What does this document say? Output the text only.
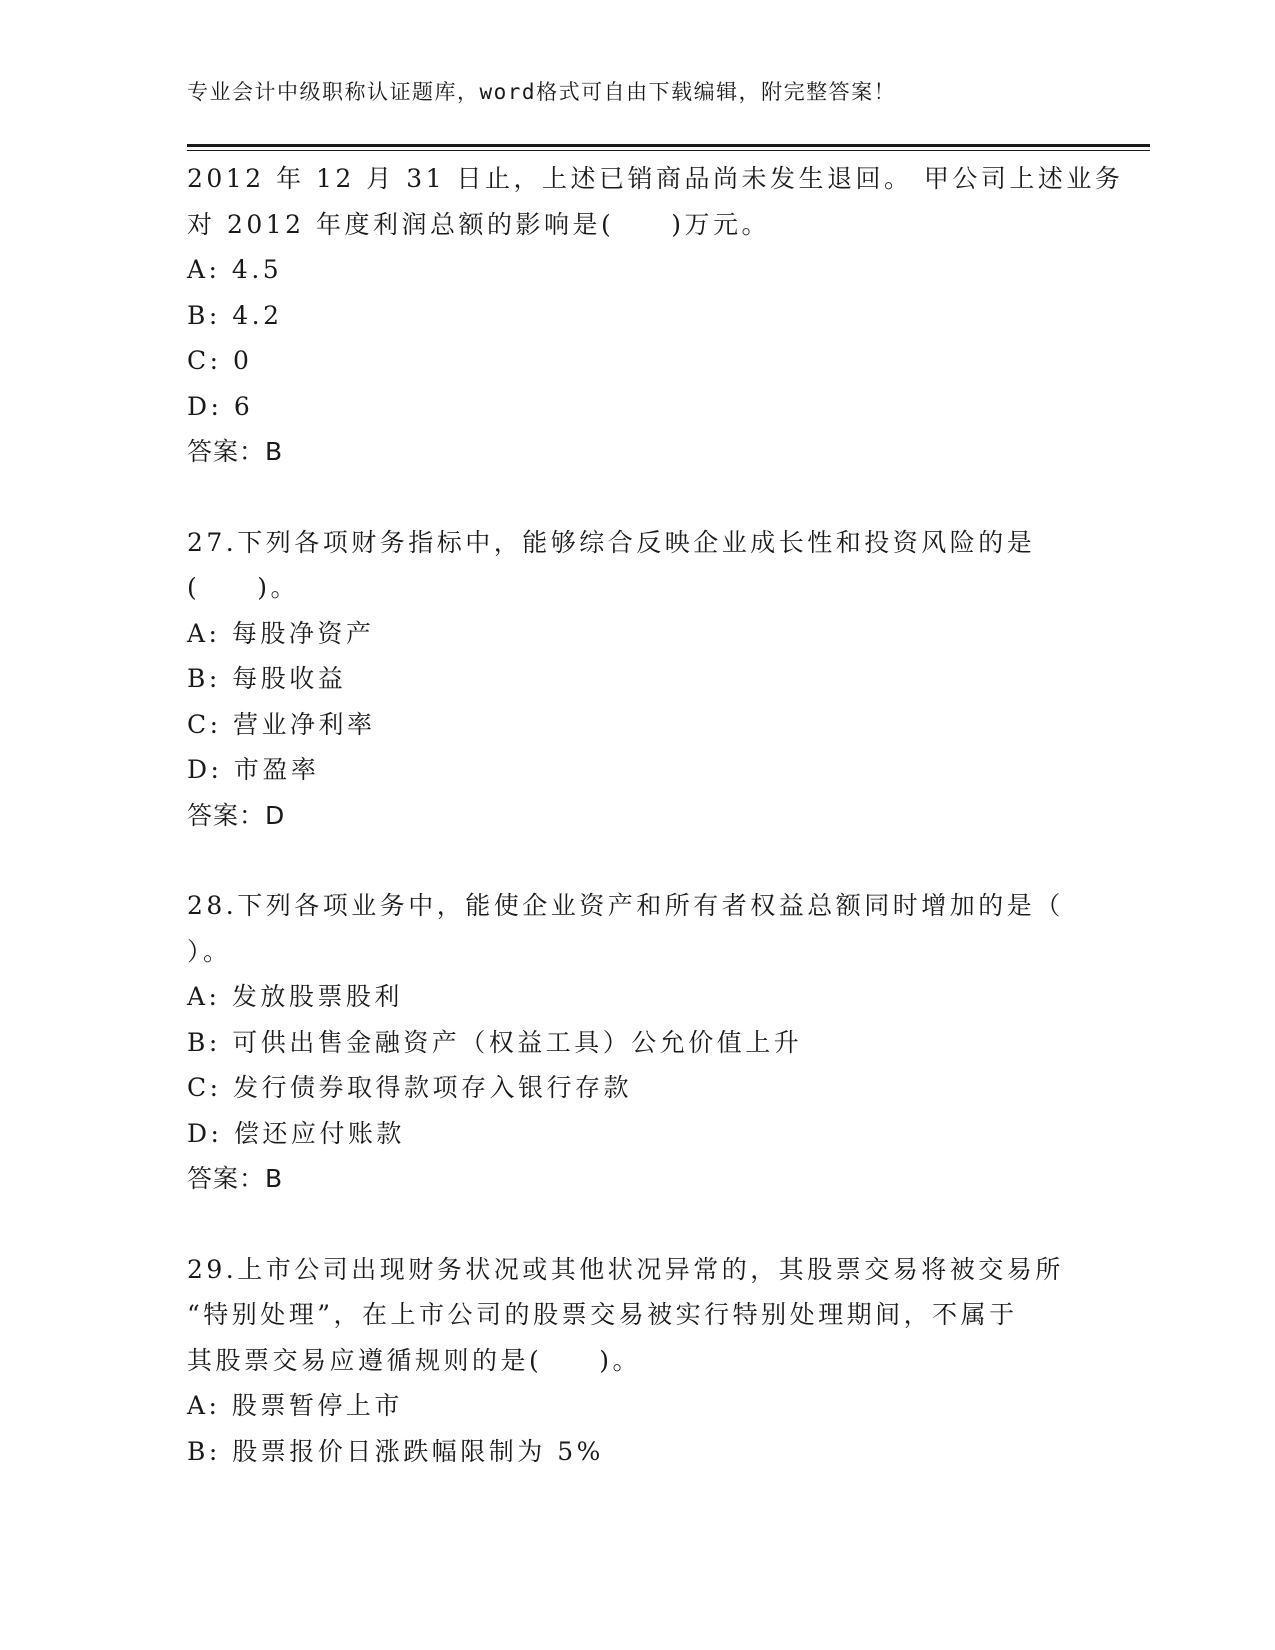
专业会计中级职称认证题库，word格式可自由下载编辑，附完整答案！
2012 年 12 月 31 日止，上述已销商品尚未发生退回。 甲公司上述业务
对 2012 年度利润总额的影响是(　　)万元。
A: 4.5
B: 4.2
C: 0
D: 6
答案：B
27.下列各项财务指标中，能够综合反映企业成长性和投资风险的是
(　　)。
A: 每股净资产
B: 每股收益
C: 营业净利率
D: 市盈率
答案：D
28.下列各项业务中，能使企业资产和所有者权益总额同时增加的是（
）。
A: 发放股票股利
B: 可供出售金融资产（权益工具）公允价值上升
C: 发行债券取得款项存入银行存款
D: 偿还应付账款
答案：B
29.上市公司出现财务状况或其他状况异常的，其股票交易将被交易所
“特别处理”，在上市公司的股票交易被实行特别处理期间，不属于
其股票交易应遵循规则的是(　　)。
A: 股票暂停上市
B: 股票报价日涨跌幅限制为 5%
